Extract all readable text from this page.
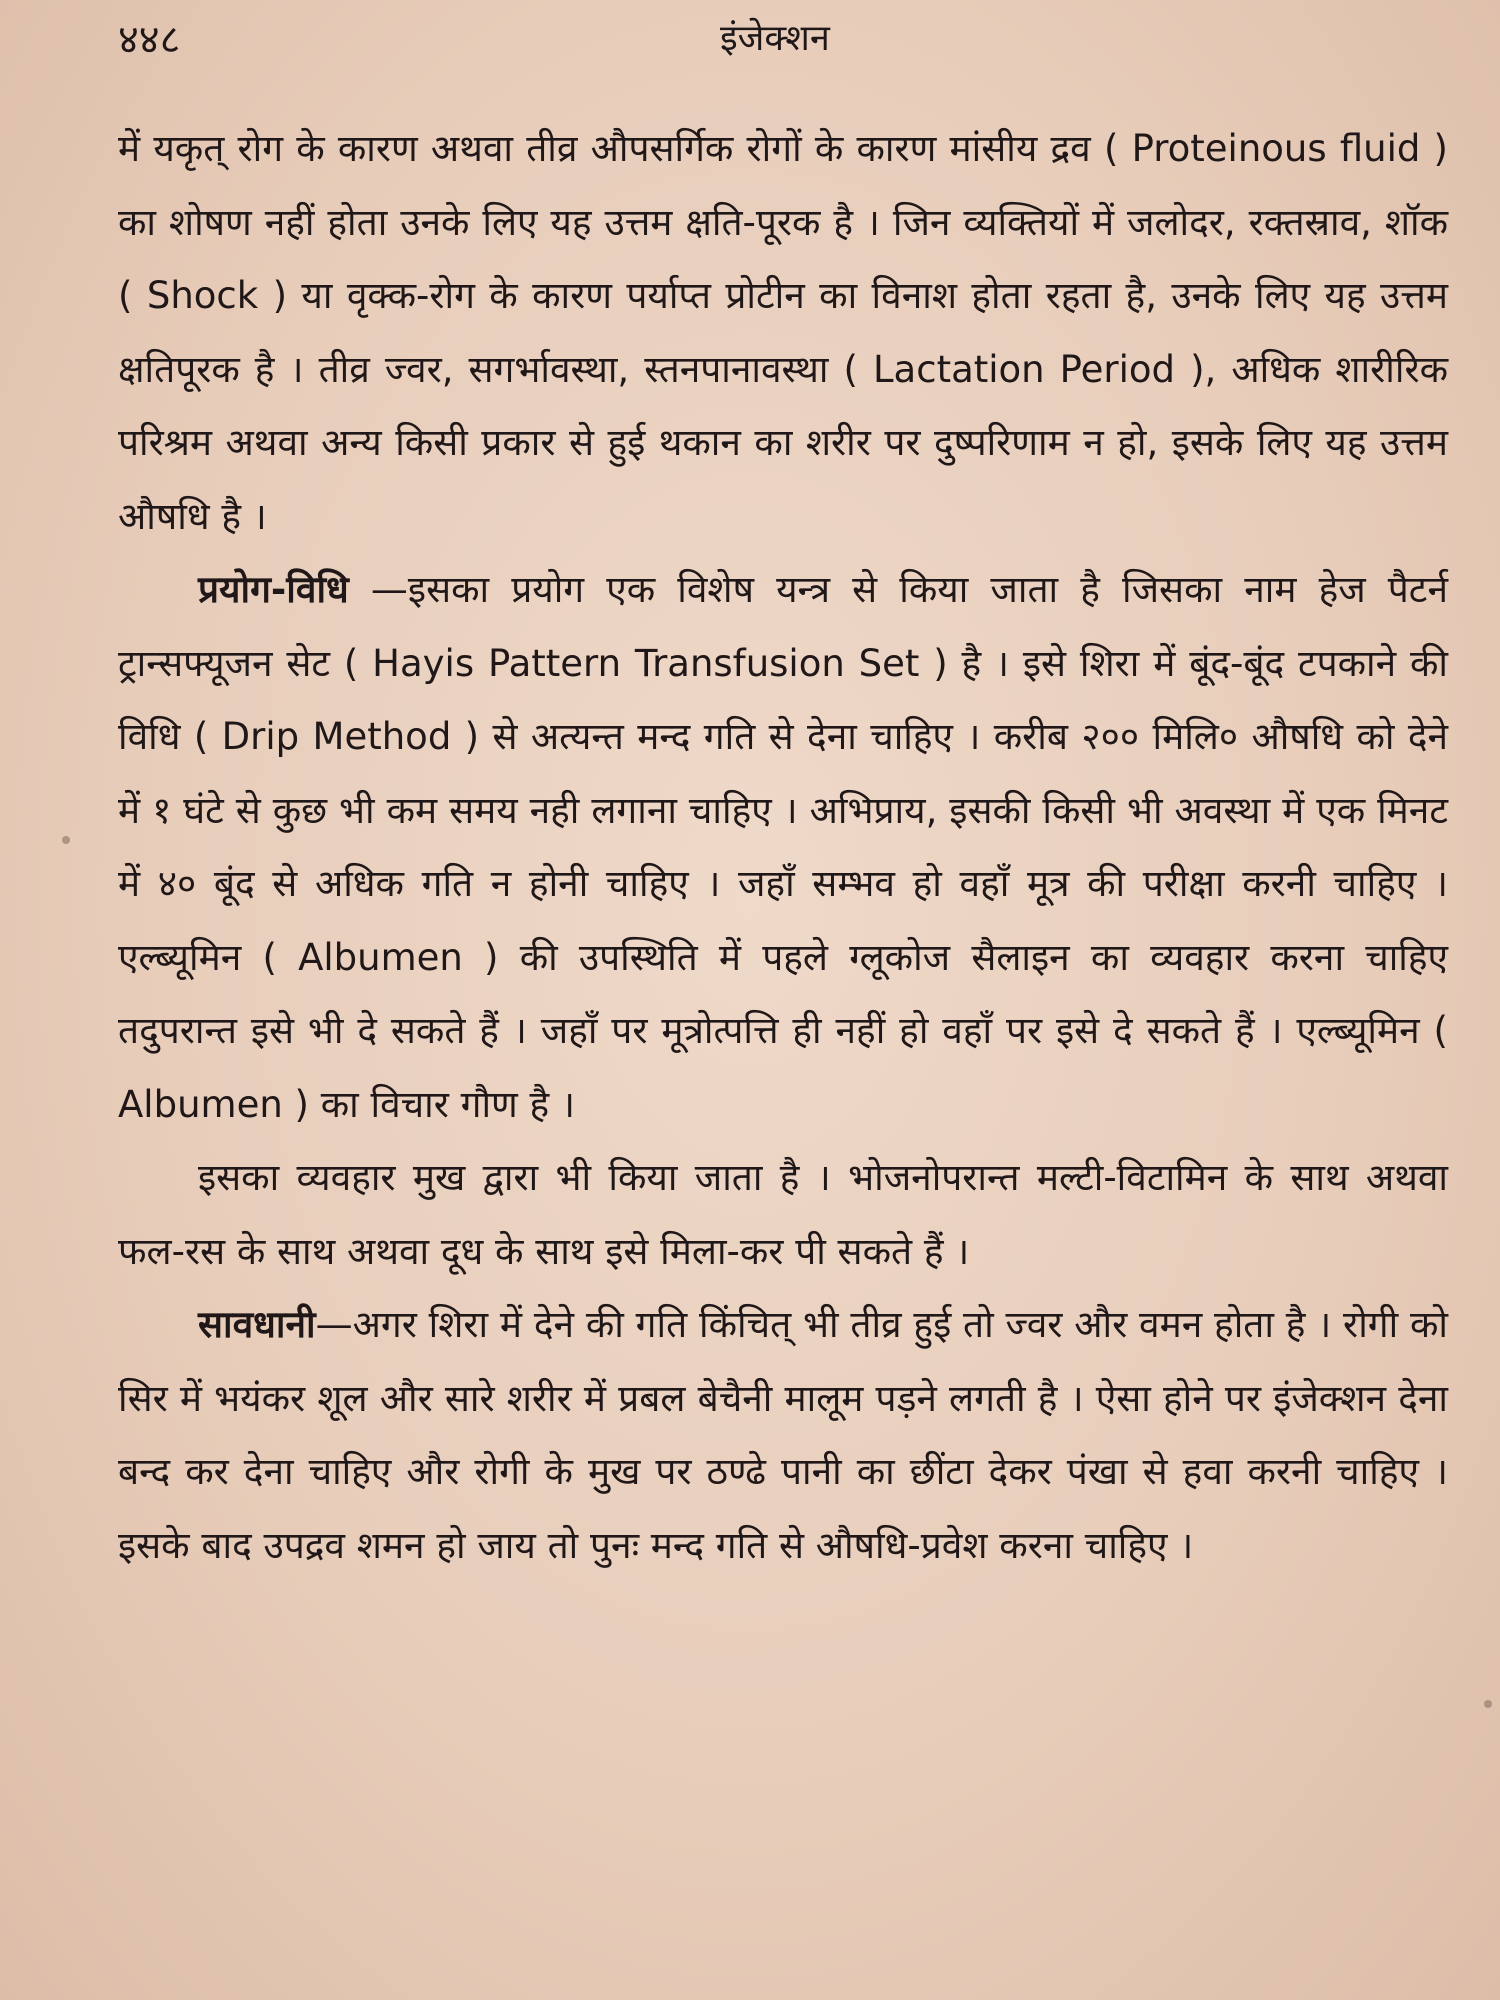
४४८	इंजेक्शन

में यकृत् रोग के कारण अथवा तीव्र औपसर्गिक रोगों के कारण मांसीय द्रव ( Proteinous fluid ) का शोषण नहीं होता उनके लिए यह उत्तम क्षति-पूरक है । जिन व्यक्तियों में जलोदर, रक्तस्राव, शॉक ( Shock ) या वृक्क-रोग के कारण पर्याप्त प्रोटीन का विनाश होता रहता है, उनके लिए यह उत्तम क्षतिपूरक है । तीव्र ज्वर, सगर्भावस्था, स्तनपानावस्था ( Lactation Period ), अधिक शारीरिक परिश्रम अथवा अन्य किसी प्रकार से हुई थकान का शरीर पर दुष्परिणाम न हो, इसके लिए यह उत्तम औषधि है ।

प्रयोग-विधि —इसका प्रयोग एक विशेष यन्त्र से किया जाता है जिसका नाम हेज पैटर्न ट्रान्सफ्यूजन सेट ( Hayis Pattern Transfusion Set ) है । इसे शिरा में बूंद-बूंद टपकाने की विधि ( Drip Method ) से अत्यन्त मन्द गति से देना चाहिए । करीब २०० मिलि० औषधि को देने में १ घंटे से कुछ भी कम समय नही लगाना चाहिए । अभिप्राय, इसकी किसी भी अवस्था में एक मिनट में ४० बूंद से अधिक गति न होनी चाहिए । जहाँ सम्भव हो वहाँ मूत्र की परीक्षा करनी चाहिए । एल्ब्यूमिन ( Albumen ) की उपस्थिति में पहले ग्लूकोज सैलाइन का व्यवहार करना चाहिए तदुपरान्त इसे भी दे सकते हैं । जहाँ पर मूत्रोत्पत्ति ही नहीं हो वहाँ पर इसे दे सकते हैं । एल्ब्यूमिन ( Albumen ) का विचार गौण है ।

इसका व्यवहार मुख द्वारा भी किया जाता है । भोजनोपरान्त मल्टी-विटामिन के साथ अथवा फल-रस के साथ अथवा दूध के साथ इसे मिला-कर पी सकते हैं ।

सावधानी—अगर शिरा में देने की गति किंचित् भी तीव्र हुई तो ज्वर और वमन होता है । रोगी को सिर में भयंकर शूल और सारे शरीर में प्रबल बेचैनी मालूम पड़ने लगती है । ऐसा होने पर इंजेक्शन देना बन्द कर देना चाहिए और रोगी के मुख पर ठण्ढे पानी का छींटा देकर पंखा से हवा करनी चाहिए । इसके बाद उपद्रव शमन हो जाय तो पुनः मन्द गति से औषधि-प्रवेश करना चाहिए ।
